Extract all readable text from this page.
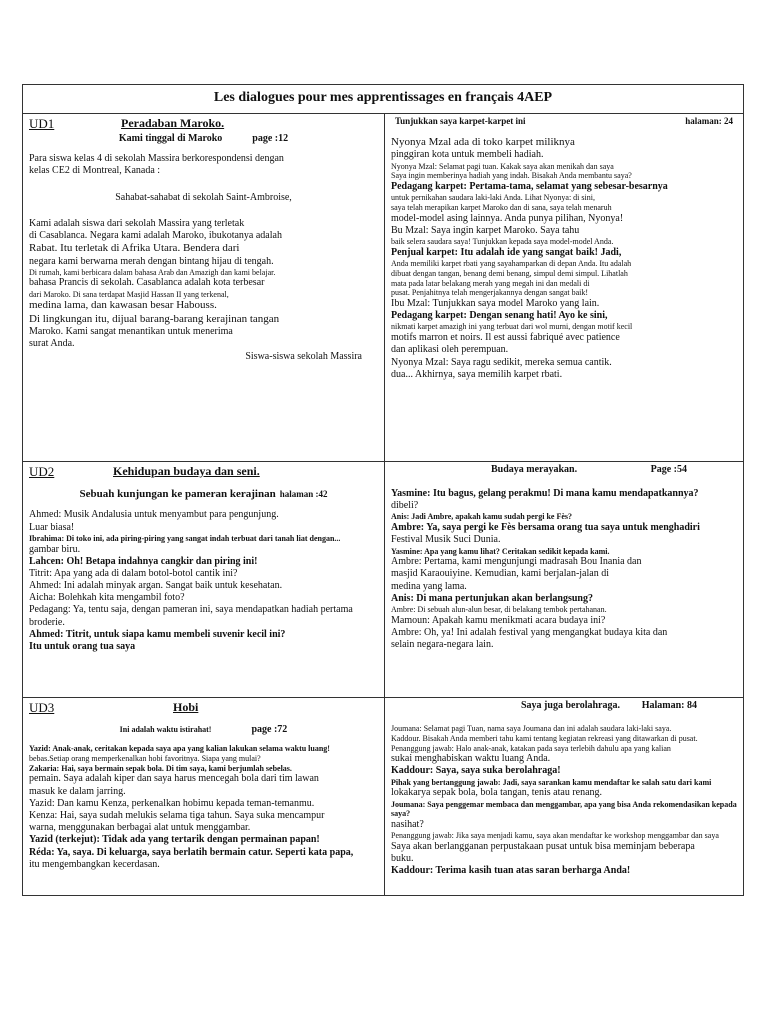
Les dialogues pour mes apprentissages en français 4AEP
UD1	Peradaban Maroko.
Kami tinggal di Maroko	page :12

Para siswa kelas 4 di sekolah Massira berkorespondensi dengan

kelas CE2 di Montreal, Kanada :

Sahabat-sahabat di sekolah Saint-Ambroise,

Kami adalah siswa dari sekolah Massira yang terletak

di Casablanca. Negara kami adalah Maroko, ibukotanya adalah

Rabat. Itu terletak di Afrika Utara. Bendera dari

negara kami berwarna merah dengan bintang hijau di tengah.

Di rumah, kami berbicara dalam bahasa Arab dan Amazigh dan kami belajar.

bahasa Prancis di sekolah. Casablanca adalah kota terbesar

dari Maroko. Di sana terdapat Masjid Hassan II yang terkenal,

medina lama, dan kawasan besar Habouss.

Di lingkungan itu, dijual barang-barang kerajinan tangan

Maroko. Kami sangat menantikan untuk menerima

surat Anda.

Siswa-siswa sekolah Massira

Tunjukkan saya karpet-karpet ini	halaman: 24

Nyonya Mzal ada di toko karpet miliknya

pinggiran kota untuk membeli hadiah.

Nyonya Mzal: Selamat pagi tuan. Kakak saya akan menikah dan saya

Saya ingin memberinya hadiah yang indah. Bisakah Anda membantu saya?

Pedagang karpet: Pertama-tama, selamat yang sebesar-besarnya

untuk pernikahan saudara laki-laki Anda. Lihat Nyonya: di sini,

saya telah merapikan karpet Maroko dan di sana, saya telah menaruh

model-model asing lainnya. Anda punya pilihan, Nyonya!

Bu Mzal: Saya ingin karpet Maroko. Saya tahu

baik selera saudara saya! Tunjukkan kepada saya model-model Anda.

Penjual karpet: Itu adalah ide yang sangat baik! Jadi,

Anda memiliki karpet rbati yang sayahamparkan di depan Anda. Itu adalah

dibuat dengan tangan, benang demi benang, simpul demi simpul. Lihatlah

mata pada latar belakang merah yang megah ini dan medali di

pusat. Penjahitnya telah mengerjakannya dengan sangat baik!

Ibu Mzal: Tunjukkan saya model Maroko yang lain.

Pedagang karpet: Dengan senang hati! Ayo ke sini,

nikmati karpet amazigh ini yang terbuat dari wol murni, dengan motif kecil

motifs marron et noirs. Il est aussi fabriqué avec patience

dan aplikasi oleh perempuan.

Nyonya Mzal: Saya ragu sedikit, mereka semua cantik.

dua... Akhirnya, saya memilih karpet rbati.

UD2	Kehidupan budaya dan seni.
Sebuah kunjungan ke pameran kerajinan halaman :42

Ahmed: Musik Andalusia untuk menyambut para pengunjung.

Luar biasa!

Ibrahima: Di toko ini, ada piring-piring yang sangat indah terbuat dari tanah liat dengan...

gambar biru.

Lahcen: Oh! Betapa indahnya cangkir dan piring ini!

Titrit: Apa yang ada di dalam botol-botol cantik ini?

Ahmed: Ini adalah minyak argan. Sangat baik untuk kesehatan.

Aicha: Bolehkah kita mengambil foto?

Pedagang: Ya, tentu saja, dengan pameran ini, saya mendapatkan hadiah pertama

broderie.

Ahmed: Titrit, untuk siapa kamu membeli suvenir kecil ini?

Itu untuk orang tua saya

Budaya merayakan.	Page :54

Yasmine: Itu bagus, gelang perakmu! Di mana kamu mendapatkannya?

dibeli?

Anis: Jadi Ambre, apakah kamu sudah pergi ke Fès?

Ambre: Ya, saya pergi ke Fès bersama orang tua saya untuk menghadiri

Festival Musik Suci Dunia.

Yasmine: Apa yang kamu lihat? Ceritakan sedikit kepada kami.

Ambre: Pertama, kami mengunjungi madrasah Bou Inania dan

masjid Karaouiyine. Kemudian, kami berjalan-jalan di

medina yang lama.

Anis: Di mana pertunjukan akan berlangsung?

Ambre: Di sebuah alun-alun besar, di belakang tembok pertahanan.

Mamoun: Apakah kamu menikmati acara budaya ini?

Ambre: Oh, ya! Ini adalah festival yang mengangkat budaya kita dan

selain negara-negara lain.

UD3	Hobi
Ini adalah waktu istirahat!	page :72

Yazid: Anak-anak, ceritakan kepada saya apa yang kalian lakukan selama waktu luang!

bebas.Setiap orang memperkenalkan hobi favoritnya. Siapa yang mulai?

Zakaria: Hai, saya bermain sepak bola. Di tim saya, kami berjumlah sebelas.

pemain. Saya adalah kiper dan saya harus mencegah bola dari tim lawan

masuk ke dalam jarring.

Yazid: Dan kamu Kenza, perkenalkan hobimu kepada teman-temanmu.

Kenza: Hai, saya sudah melukis selama tiga tahun. Saya suka mencampur

warna, menggunakan berbagai alat untuk menggambar.

Yazid (terkejut): Tidak ada yang tertarik dengan permainan papan!

Réda: Ya, saya. Di keluarga, saya berlatih bermain catur. Seperti kata papa,

itu mengembangkan kecerdasan.

Saya juga berolahraga. Halaman: 84

Joumana: Selamat pagi Tuan, nama saya Joumana dan ini adalah saudara laki-laki saya.

Kaddour. Bisakah Anda memberi tahu kami tentang kegiatan rekreasi yang ditawarkan di pusat.

Penanggung jawab: Halo anak-anak, katakan pada saya terlebih dahulu apa yang kalian

sukai menghabiskan waktu luang Anda.

Kaddour: Saya, saya suka berolahraga!

Pihak yang bertanggung jawab: Jadi, saya sarankan kamu mendaftar ke salah satu dari kami

lokakarya sepak bola, bola tangan, tenis atau renang.

Joumana: Saya penggemar membaca dan menggambar, apa yang bisa Anda rekomendasikan kepada saya?

nasihat?

Penanggung jawab: Jika saya menjadi kamu, saya akan mendaftar ke workshop menggambar dan saya

Saya akan berlangganan perpustakaan pusat untuk bisa meminjam beberapa

buku.

Kaddour: Terima kasih tuan atas saran berharga Anda!
